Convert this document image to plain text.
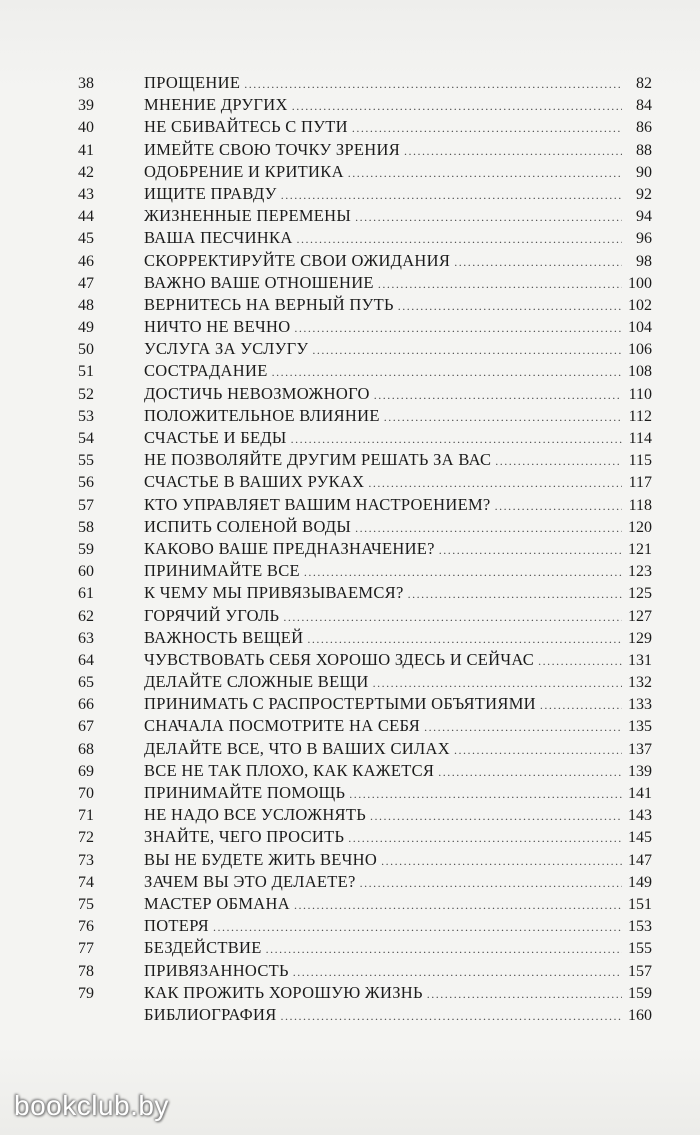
38	ПРОЩЕНИЕ .....	82
39	МНЕНИЕ ДРУГИХ .....	84
40	НЕ СБИВАЙТЕСЬ С ПУТИ .....	86
41	ИМЕЙТЕ СВОЮ ТОЧКУ ЗРЕНИЯ .....	88
42	ОДОБРЕНИЕ И КРИТИКА .....	90
43	ИЩИТЕ ПРАВДУ .....	92
44	ЖИЗНЕННЫЕ ПЕРЕМЕНЫ .....	94
45	ВАША ПЕСЧИНКА .....	96
46	СКОРРЕКТИРУЙТЕ СВОИ ОЖИДАНИЯ .....	98
47	ВАЖНО ВАШЕ ОТНОШЕНИЕ .....	100
48	ВЕРНИТЕСЬ НА ВЕРНЫЙ ПУТЬ .....	102
49	НИЧТО НЕ ВЕЧНО .....	104
50	УСЛУГА ЗА УСЛУГУ .....	106
51	СОСТРАДАНИЕ .....	108
52	ДОСТИЧЬ НЕВОЗМОЖНОГО .....	110
53	ПОЛОЖИТЕЛЬНОЕ ВЛИЯНИЕ .....	112
54	СЧАСТЬЕ И БЕДЫ .....	114
55	НЕ ПОЗВОЛЯЙТЕ ДРУГИМ РЕШАТЬ ЗА ВАС .....	115
56	СЧАСТЬЕ В ВАШИХ РУКАХ .....	117
57	КТО УПРАВЛЯЕТ ВАШИМ НАСТРОЕНИЕМ? .....	118
58	ИСПИТЬ СОЛЕНОЙ ВОДЫ .....	120
59	КАКОВО ВАШЕ ПРЕДНАЗНАЧЕНИЕ? .....	121
60	ПРИНИМАЙТЕ ВСЕ .....	123
61	К ЧЕМУ МЫ ПРИВЯЗЫВАЕМСЯ? .....	125
62	ГОРЯЧИЙ УГОЛЬ .....	127
63	ВАЖНОСТЬ ВЕЩЕЙ .....	129
64	ЧУВСТВОВАТЬ СЕБЯ ХОРОШО ЗДЕСЬ И СЕЙЧАС .....	131
65	ДЕЛАЙТЕ СЛОЖНЫЕ ВЕЩИ .....	132
66	ПРИНИМАТЬ С РАСПРОСТЕРТЫМИ ОБЪЯТИЯМИ .....	133
67	СНАЧАЛА ПОСМОТРИТЕ НА СЕБЯ .....	135
68	ДЕЛАЙТЕ ВСЕ, ЧТО В ВАШИХ СИЛАХ .....	137
69	ВСЕ НЕ ТАК ПЛОХО, КАК КАЖЕТСЯ .....	139
70	ПРИНИМАЙТЕ ПОМОЩЬ .....	141
71	НЕ НАДО ВСЕ УСЛОЖНЯТЬ .....	143
72	ЗНАЙТЕ, ЧЕГО ПРОСИТЬ .....	145
73	ВЫ НЕ БУДЕТЕ ЖИТЬ ВЕЧНО .....	147
74	ЗАЧЕМ ВЫ ЭТО ДЕЛАЕТЕ? .....	149
75	МАСТЕР ОБМАНА .....	151
76	ПОТЕРЯ .....	153
77	БЕЗДЕЙСТВИЕ .....	155
78	ПРИВЯЗАННОСТЬ .....	157
79	КАК ПРОЖИТЬ ХОРОШУЮ ЖИЗНЬ .....	159
БИБЛИОГРАФИЯ .....	160
bookclub.by
